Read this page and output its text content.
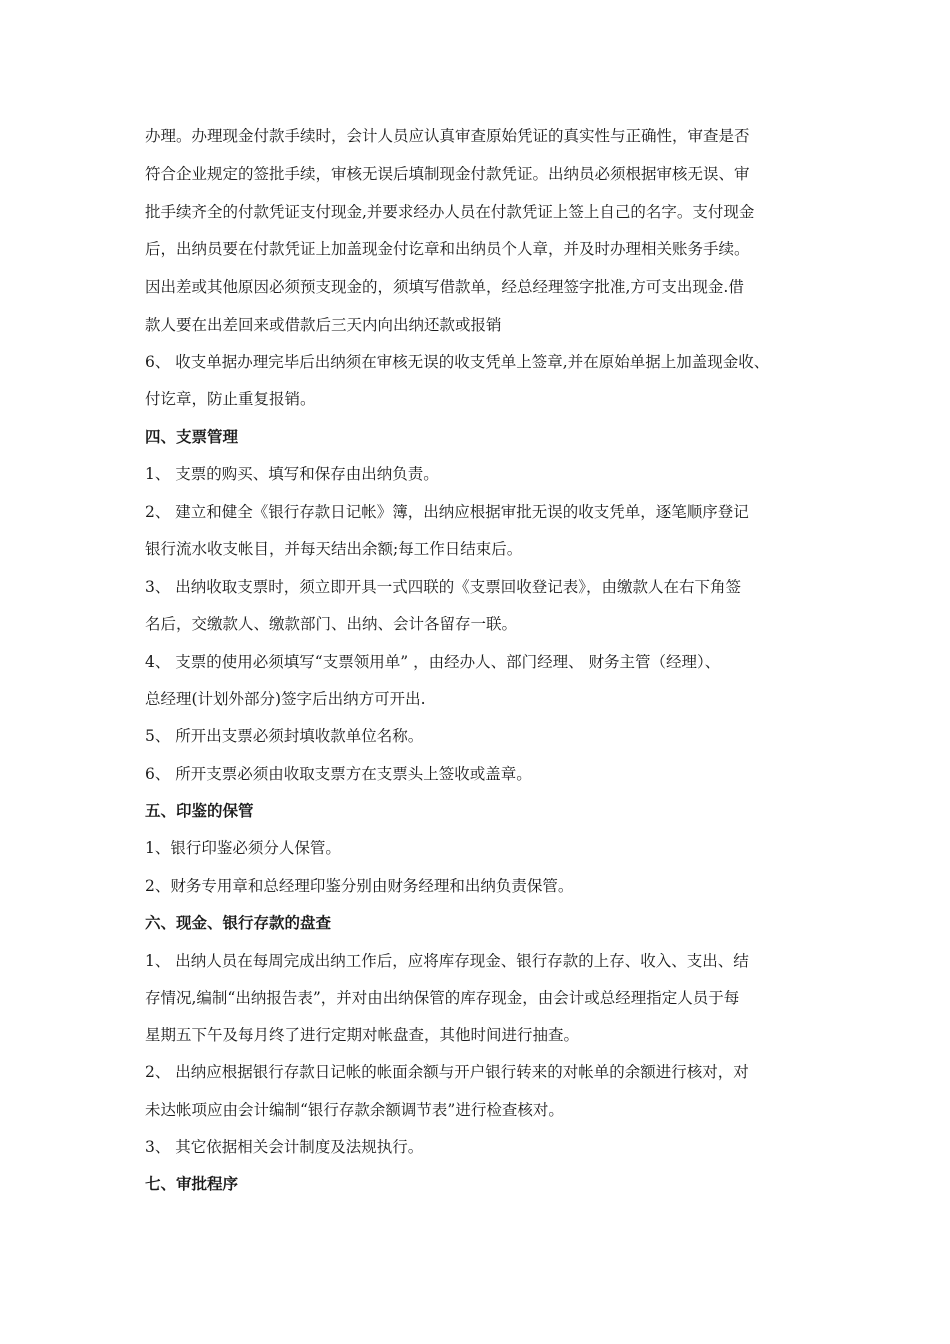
办理。办理现金付款手续时，会计人员应认真审查原始凭证的真实性与正确性，审查是否
符合企业规定的签批手续，审核无误后填制现金付款凭证。出纳员必须根据审核无误、审
批手续齐全的付款凭证支付现金,并要求经办人员在付款凭证上签上自己的名字。支付现金
后，出纳员要在付款凭证上加盖现金付讫章和出纳员个人章，并及时办理相关账务手续。
因出差或其他原因必须预支现金的，须填写借款单，经总经理签字批准,方可支出现金.借
款人要在出差回来或借款后三天内向出纳还款或报销
6、 收支单据办理完毕后出纳须在审核无误的收支凭单上签章,并在原始单据上加盖现金收、
付讫章，防止重复报销。
四、支票管理
1、 支票的购买、填写和保存由出纳负责。
2、 建立和健全《银行存款日记帐》簿，出纳应根据审批无误的收支凭单，逐笔顺序登记
银行流水收支帐目，并每天结出余额;每工作日结束后。
3、 出纳收取支票时，须立即开具一式四联的《支票回收登记表》，由缴款人在右下角签
名后，交缴款人、缴款部门、出纳、会计各留存一联。
4、 支票的使用必须填写“支票领用单” ，由经办人、部门经理、 财务主管（经理）、
总经理(计划外部分)签字后出纳方可开出.
5、 所开出支票必须封填收款单位名称。
6、 所开支票必须由收取支票方在支票头上签收或盖章。
五、印鉴的保管
1、银行印鉴必须分人保管。
2、财务专用章和总经理印鉴分别由财务经理和出纳负责保管。
六、现金、银行存款的盘查
1、 出纳人员在每周完成出纳工作后，应将库存现金、银行存款的上存、收入、支出、结
存情况,编制“出纳报告表”，并对由出纳保管的库存现金，由会计或总经理指定人员于每
星期五下午及每月终了进行定期对帐盘查，其他时间进行抽查。
2、 出纳应根据银行存款日记帐的帐面余额与开户银行转来的对帐单的余额进行核对，对
未达帐项应由会计编制“银行存款余额调节表”进行检查核对。
3、 其它依据相关会计制度及法规执行。
七、审批程序
